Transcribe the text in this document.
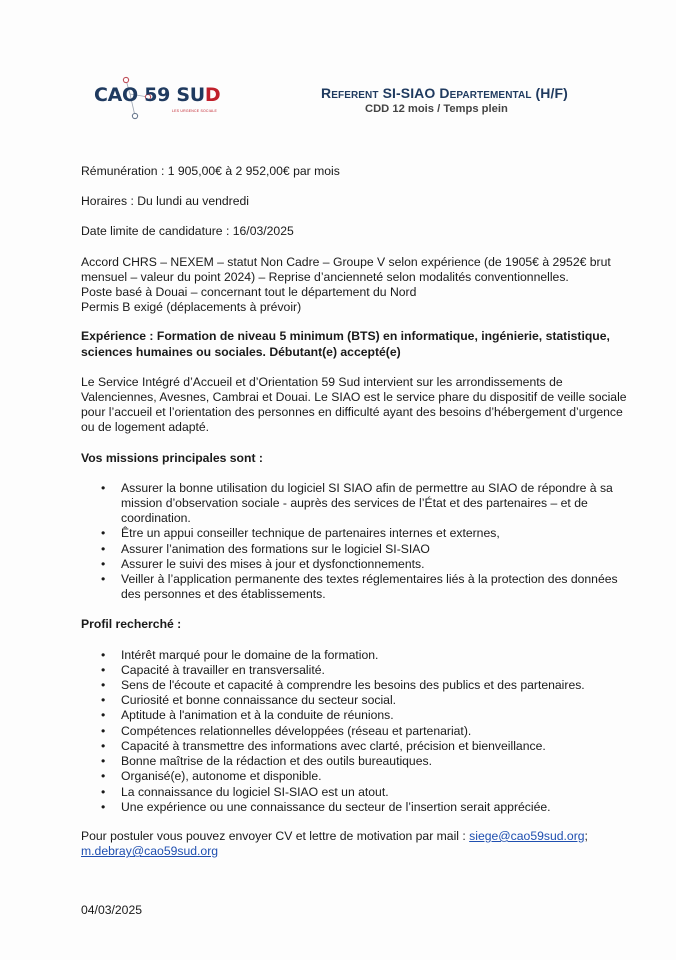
CAO 59 SUD
LES URGENCE SOCIALE
Referent SI-SIAO Departemental (H/F)
CDD 12 mois / Temps plein

Rémunération : 1 905,00€ à 2 952,00€ par mois

Horaires : Du lundi au vendredi

Date limite de candidature : 16/03/2025

Accord CHRS – NEXEM – statut Non Cadre – Groupe V selon expérience (de 1905€ à 2952€ brut

mensuel – valeur du point 2024) – Reprise d’ancienneté selon modalités conventionnelles.

Poste basé à Douai – concernant tout le département du Nord

Permis B exigé (déplacements à prévoir)

Expérience : Formation de niveau 5 minimum (BTS) en informatique, ingénierie, statistique,

sciences humaines ou sociales. Débutant(e) accepté(e)

Le Service Intégré d’Accueil et d’Orientation 59 Sud intervient sur les arrondissements de

Valenciennes, Avesnes, Cambrai et Douai. Le SIAO est le service phare du dispositif de veille sociale

pour l’accueil et l’orientation des personnes en difficulté ayant des besoins d’hébergement d’urgence

ou de logement adapté.

Vos missions principales sont :

• Assurer la bonne utilisation du logiciel SI SIAO afin de permettre au SIAO de répondre à sa

mission d’observation sociale - auprès des services de l’État et des partenaires – et de

coordination.

• Être un appui conseiller technique de partenaires internes et externes,

• Assurer l’animation des formations sur le logiciel SI-SIAO

• Assurer le suivi des mises à jour et dysfonctionnements.

• Veiller à l’application permanente des textes réglementaires liés à la protection des données

des personnes et des établissements.

Profil recherché :

• Intérêt marqué pour le domaine de la formation.
• Capacité à travailler en transversalité.
• Sens de l'écoute et capacité à comprendre les besoins des publics et des partenaires.
• Curiosité et bonne connaissance du secteur social.
• Aptitude à l'animation et à la conduite de réunions.
• Compétences relationnelles développées (réseau et partenariat).
• Capacité à transmettre des informations avec clarté, précision et bienveillance.
• Bonne maîtrise de la rédaction et des outils bureautiques.
• Organisé(e), autonome et disponible.
• La connaissance du logiciel SI-SIAO est un atout.
• Une expérience ou une connaissance du secteur de l’insertion serait appréciée.

Pour postuler vous pouvez envoyer CV et lettre de motivation par mail : siege@cao59sud.org;

m.debray@cao59sud.org

04/03/2025
